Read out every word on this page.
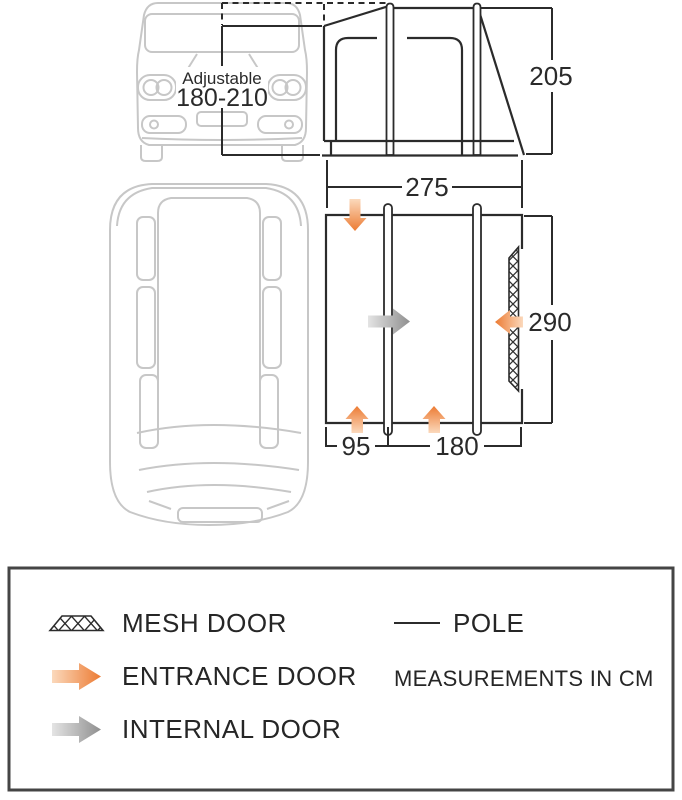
Adjustable
180-210
205
275
290
95 180
MESH DOOR
ENTRANCE DOOR
INTERNAL DOOR
POLE
MEASUREMENTS IN CM
